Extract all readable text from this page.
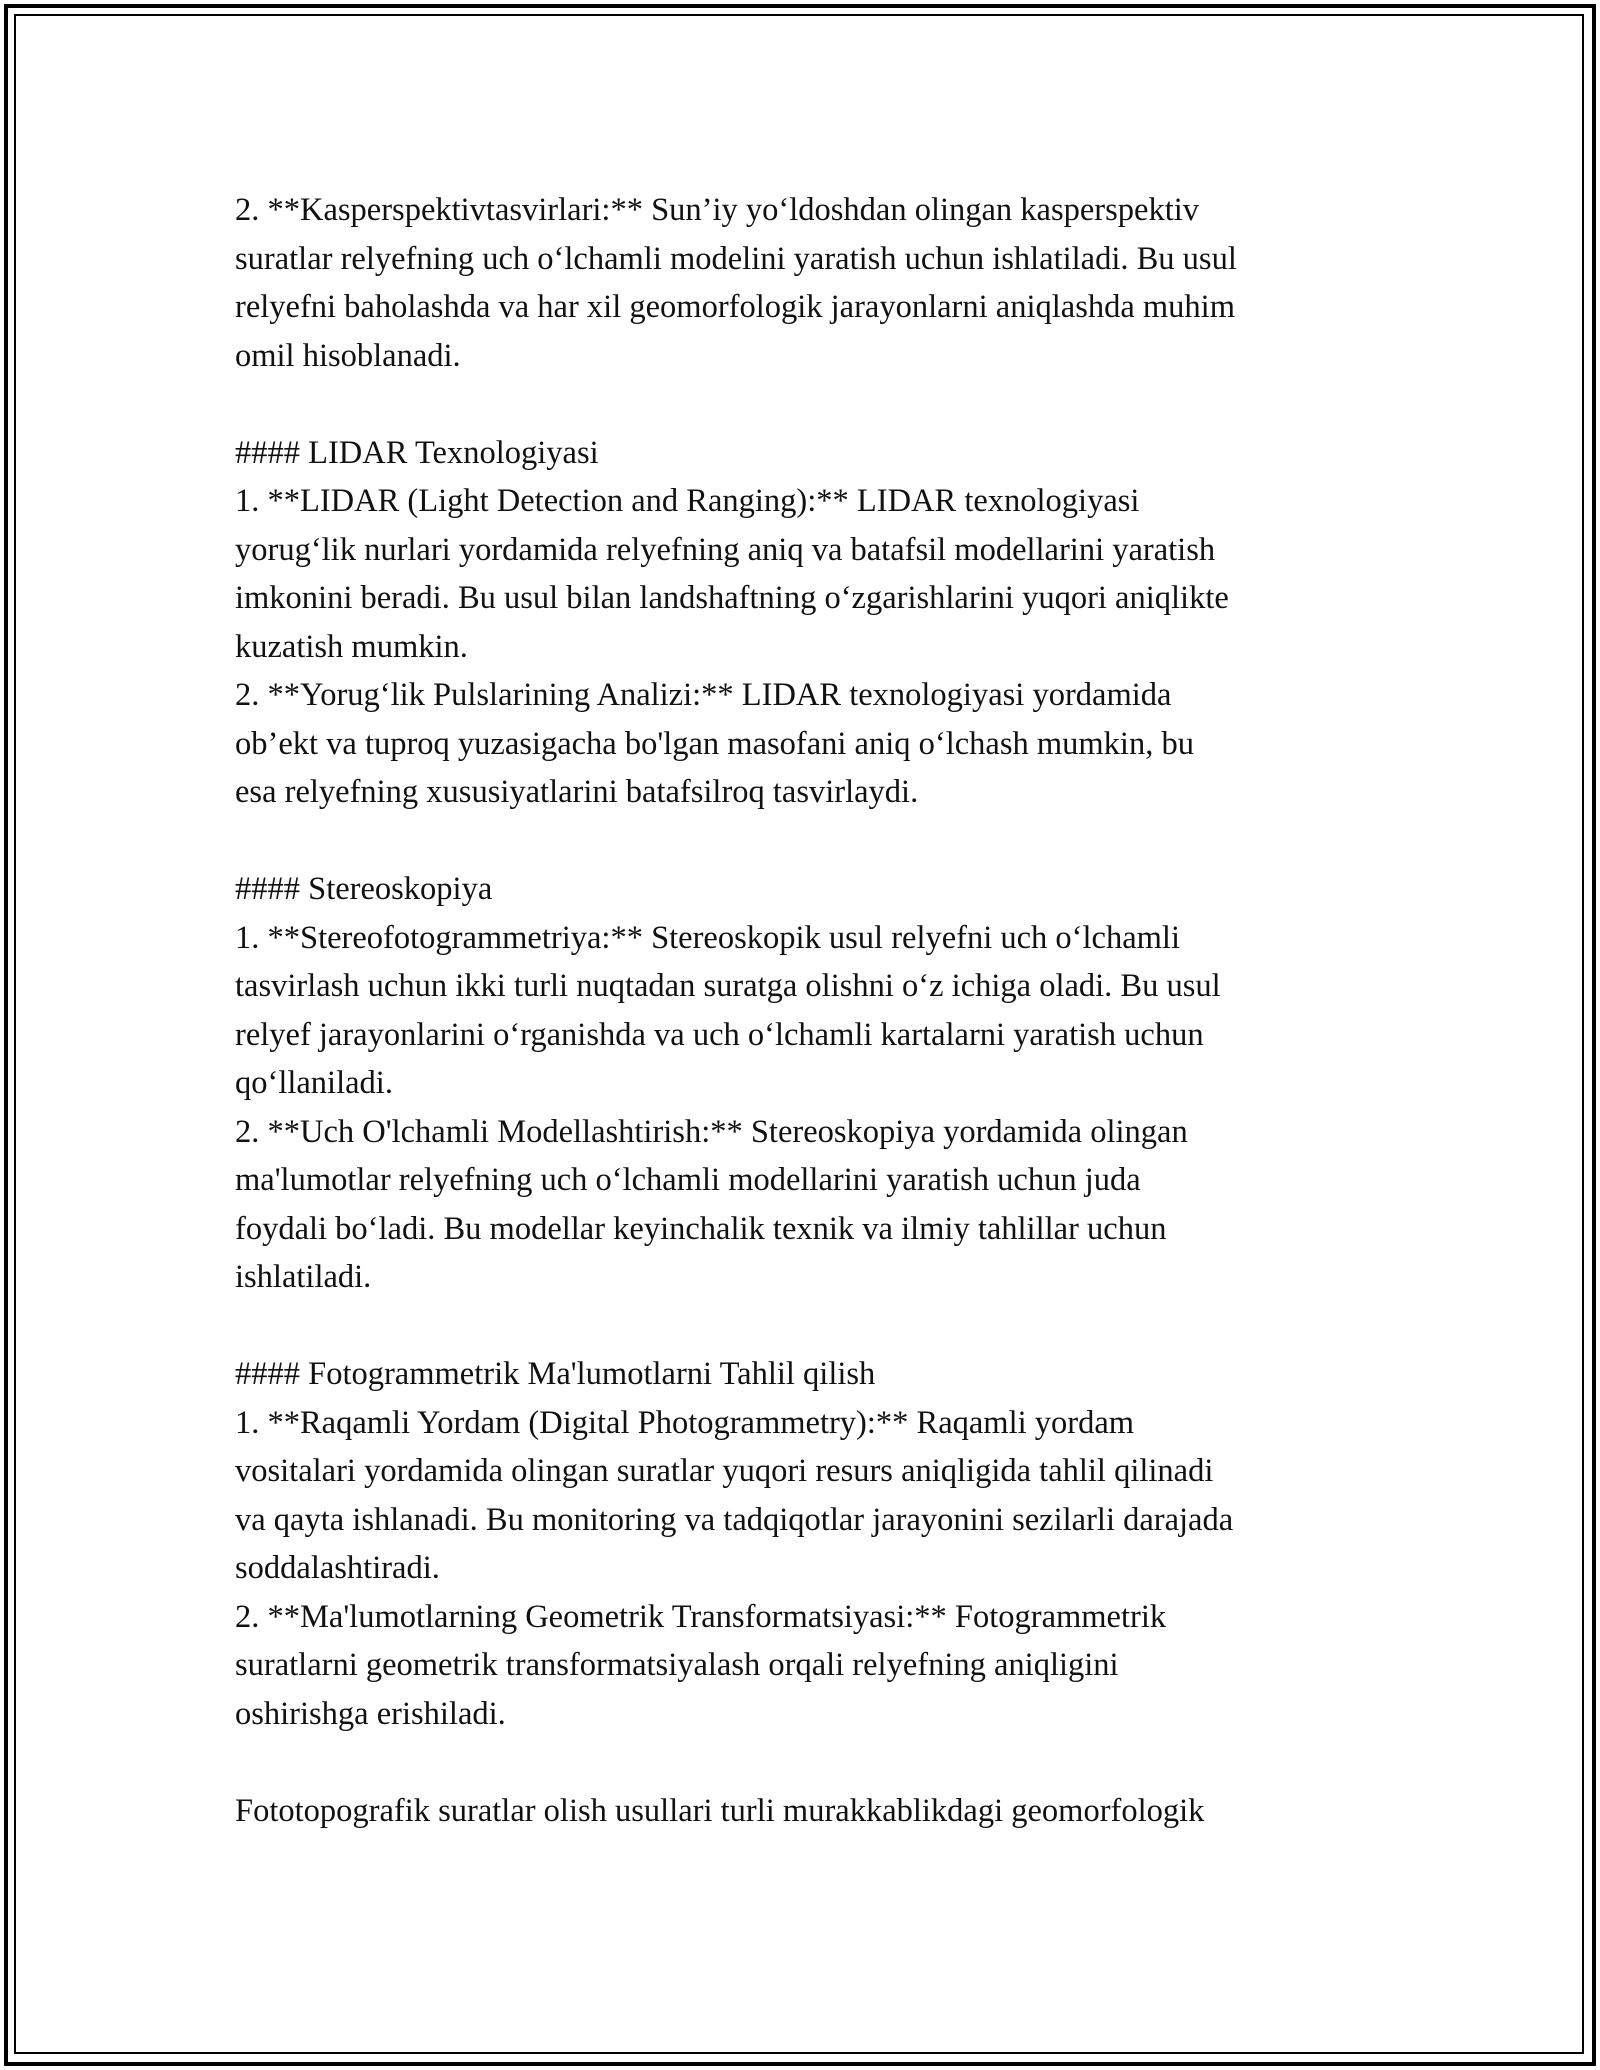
2. **Kasperspektivtasvirlari:** Sun’iy yo‘ldoshdan olingan kasperspektiv
suratlar relyefning uch o‘lchamli modelini yaratish uchun ishlatiladi. Bu usul
relyefni baholashda va har xil geomorfologik jarayonlarni aniqlashda muhim
omil hisoblanadi.
#### LIDAR Texnologiyasi
1. **LIDAR (Light Detection and Ranging):** LIDAR texnologiyasi
yorug‘lik nurlari yordamida relyefning aniq va batafsil modellarini yaratish
imkonini beradi. Bu usul bilan landshaftning o‘zgarishlarini yuqori aniqlikte
kuzatish mumkin.
2. **Yorug‘lik Pulslarining Analizi:** LIDAR texnologiyasi yordamida
ob’ekt va tuproq yuzasigacha bo'lgan masofani aniq o‘lchash mumkin, bu
esa relyefning xususiyatlarini batafsilroq tasvirlaydi.
#### Stereoskopiya
1. **Stereofotogrammetriya:** Stereoskopik usul relyefni uch o‘lchamli
tasvirlash uchun ikki turli nuqtadan suratga olishni o‘z ichiga oladi. Bu usul
relyef jarayonlarini o‘rganishda va uch o‘lchamli kartalarni yaratish uchun
qo‘llaniladi.
2. **Uch O'lchamli Modellashtirish:** Stereoskopiya yordamida olingan
ma'lumotlar relyefning uch o‘lchamli modellarini yaratish uchun juda
foydali bo‘ladi. Bu modellar keyinchalik texnik va ilmiy tahlillar uchun
ishlatiladi.
#### Fotogrammetrik Ma'lumotlarni Tahlil qilish
1. **Raqamli Yordam (Digital Photogrammetry):** Raqamli yordam
vositalari yordamida olingan suratlar yuqori resurs aniqligida tahlil qilinadi
va qayta ishlanadi. Bu monitoring va tadqiqotlar jarayonini sezilarli darajada
soddalashtiradi.
2. **Ma'lumotlarning Geometrik Transformatsiyasi:** Fotogrammetrik
suratlarni geometrik transformatsiyalash orqali relyefning aniqligini
oshirishga erishiladi.
Fototopografik suratlar olish usullari turli murakkablikdagi geomorfologik
